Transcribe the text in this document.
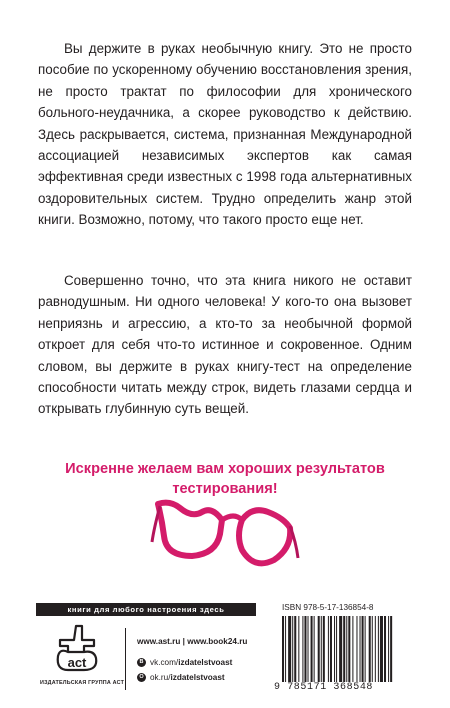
Вы держите в руках необычную книгу. Это не просто пособие по ускоренному обучению восстановления зрения, не просто трактат по философии для хронического больного-неудачника, а скорее руководство к действию. Здесь раскрывается, система, признанная Международной ассоциацией независимых экспертов как самая эффективная среди известных с 1998 года альтернативных оздоровительных систем. Трудно определить жанр этой книги. Возможно, потому, что такого просто еще нет.

Совершенно точно, что эта книга никого не оставит равнодушным. Ни одного человека! У кого-то она вызовет неприязнь и агрессию, а кто-то за необычной формой откроет для себя что-то истинное и сокровенное. Одним словом, вы держите в руках книгу-тест на определение способности читать между строк, видеть глазами сердца и открывать глубинную суть вещей.

Искренне желаем вам хороших результатов
тестирования!
книги для любого настроения здесь
act
ИЗДАТЕЛЬСКАЯ ГРУППА АСТ
www.ast.ru | www.book24.ru
B vk.com/izdatelstvoast
O ok.ru/izdatelstvoast
ISBN 978-5-17-136854-8
9 785171 368548
